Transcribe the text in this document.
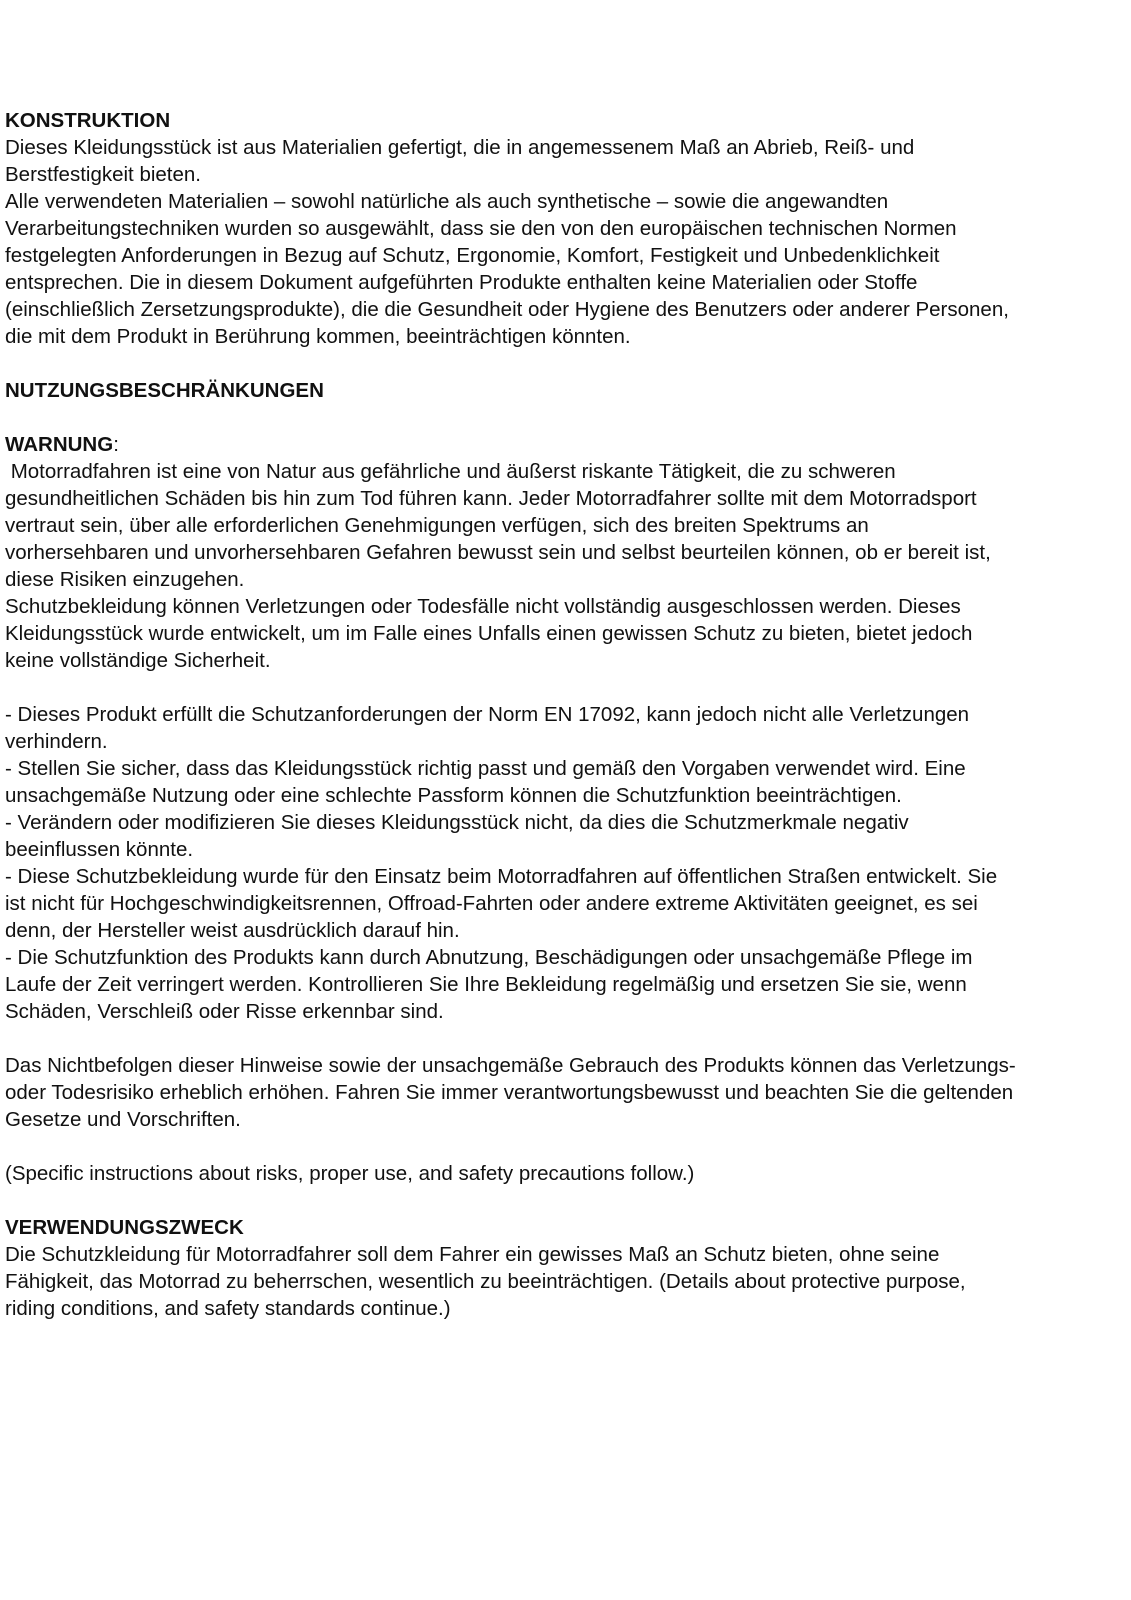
KONSTRUKTION
Dieses Kleidungsstück ist aus Materialien gefertigt, die in angemessenem Maß an Abrieb, Reiß- und
Berstfestigkeit bieten.
Alle verwendeten Materialien – sowohl natürliche als auch synthetische – sowie die angewandten
Verarbeitungstechniken wurden so ausgewählt, dass sie den von den europäischen technischen Normen
festgelegten Anforderungen in Bezug auf Schutz, Ergonomie, Komfort, Festigkeit und Unbedenklichkeit
entsprechen. Die in diesem Dokument aufgeführten Produkte enthalten keine Materialien oder Stoffe
(einschließlich Zersetzungsprodukte), die die Gesundheit oder Hygiene des Benutzers oder anderer Personen,
die mit dem Produkt in Berührung kommen, beeinträchtigen könnten.
NUTZUNGSBESCHRÄNKUNGEN
WARNUNG:
Motorradfahren ist eine von Natur aus gefährliche und äußerst riskante Tätigkeit, die zu schweren
gesundheitlichen Schäden bis hin zum Tod führen kann. Jeder Motorradfahrer sollte mit dem Motorradsport
vertraut sein, über alle erforderlichen Genehmigungen verfügen, sich des breiten Spektrums an
vorhersehbaren und unvorhersehbaren Gefahren bewusst sein und selbst beurteilen können, ob er bereit ist,
diese Risiken einzugehen.
Schutzbekleidung können Verletzungen oder Todesfälle nicht vollständig ausgeschlossen werden. Dieses
Kleidungsstück wurde entwickelt, um im Falle eines Unfalls einen gewissen Schutz zu bieten, bietet jedoch
keine vollständige Sicherheit.
- Dieses Produkt erfüllt die Schutzanforderungen der Norm EN 17092, kann jedoch nicht alle Verletzungen
verhindern.
- Stellen Sie sicher, dass das Kleidungsstück richtig passt und gemäß den Vorgaben verwendet wird. Eine
unsachgemäße Nutzung oder eine schlechte Passform können die Schutzfunktion beeinträchtigen.
- Verändern oder modifizieren Sie dieses Kleidungsstück nicht, da dies die Schutzmerkmale negativ
beeinflussen könnte.
- Diese Schutzbekleidung wurde für den Einsatz beim Motorradfahren auf öffentlichen Straßen entwickelt. Sie
ist nicht für Hochgeschwindigkeitsrennen, Offroad-Fahrten oder andere extreme Aktivitäten geeignet, es sei
denn, der Hersteller weist ausdrücklich darauf hin.
- Die Schutzfunktion des Produkts kann durch Abnutzung, Beschädigungen oder unsachgemäße Pflege im
Laufe der Zeit verringert werden. Kontrollieren Sie Ihre Bekleidung regelmäßig und ersetzen Sie sie, wenn
Schäden, Verschleiß oder Risse erkennbar sind.
Das Nichtbefolgen dieser Hinweise sowie der unsachgemäße Gebrauch des Produkts können das Verletzungs-
oder Todesrisiko erheblich erhöhen. Fahren Sie immer verantwortungsbewusst und beachten Sie die geltenden
Gesetze und Vorschriften.
(Specific instructions about risks, proper use, and safety precautions follow.)
VERWENDUNGSZWECK
Die Schutzkleidung für Motorradfahrer soll dem Fahrer ein gewisses Maß an Schutz bieten, ohne seine
Fähigkeit, das Motorrad zu beherrschen, wesentlich zu beeinträchtigen. (Details about protective purpose,
riding conditions, and safety standards continue.)
